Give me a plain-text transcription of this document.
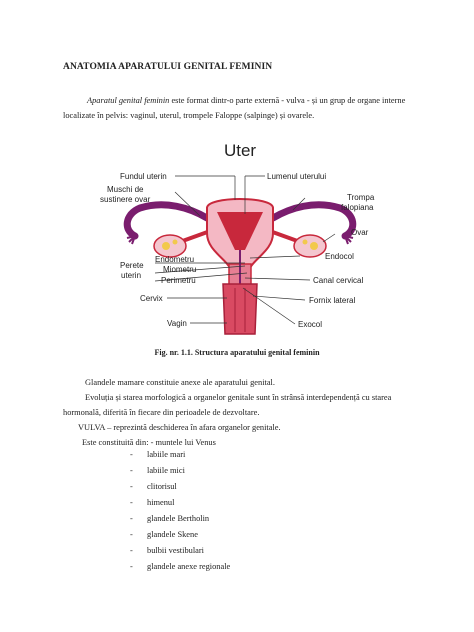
ANATOMIA APARATULUI GENITAL FEMININ
Aparatul genital feminin este format dintr-o parte externă - vulva - și un grup de organe interne localizate în pelvis: vaginul, uterul, trompele Faloppe (salpinge) și ovarele.
Uter
Fundul uterin
Muschi de
sustinere ovar
Lumenul uterului
Trompa
falopiana
Ovar
Endocol
Perete
uterin
Endometru
Miometru
Perimetru	Canal cervical
Cervix	Fornix lateral
Vagin	Exocol
Fig. nr. 1.1. Structura aparatului genital feminin
Glandele mamare constituie anexe ale aparatului genital.
Evoluția și starea morfologică a organelor genitale sunt în strânsă interdependență cu starea hormonală, diferită în fiecare din perioadele de dezvoltare.
VULVA – reprezintă deschiderea în afara organelor genitale.
Este constituită din: - muntele lui Venus
- labiile mari
- labiile mici
- clitorisul
- himenul
- glandele Bertholin
- glandele Skene
- bulbii vestibulari
- glandele anexe regionale
